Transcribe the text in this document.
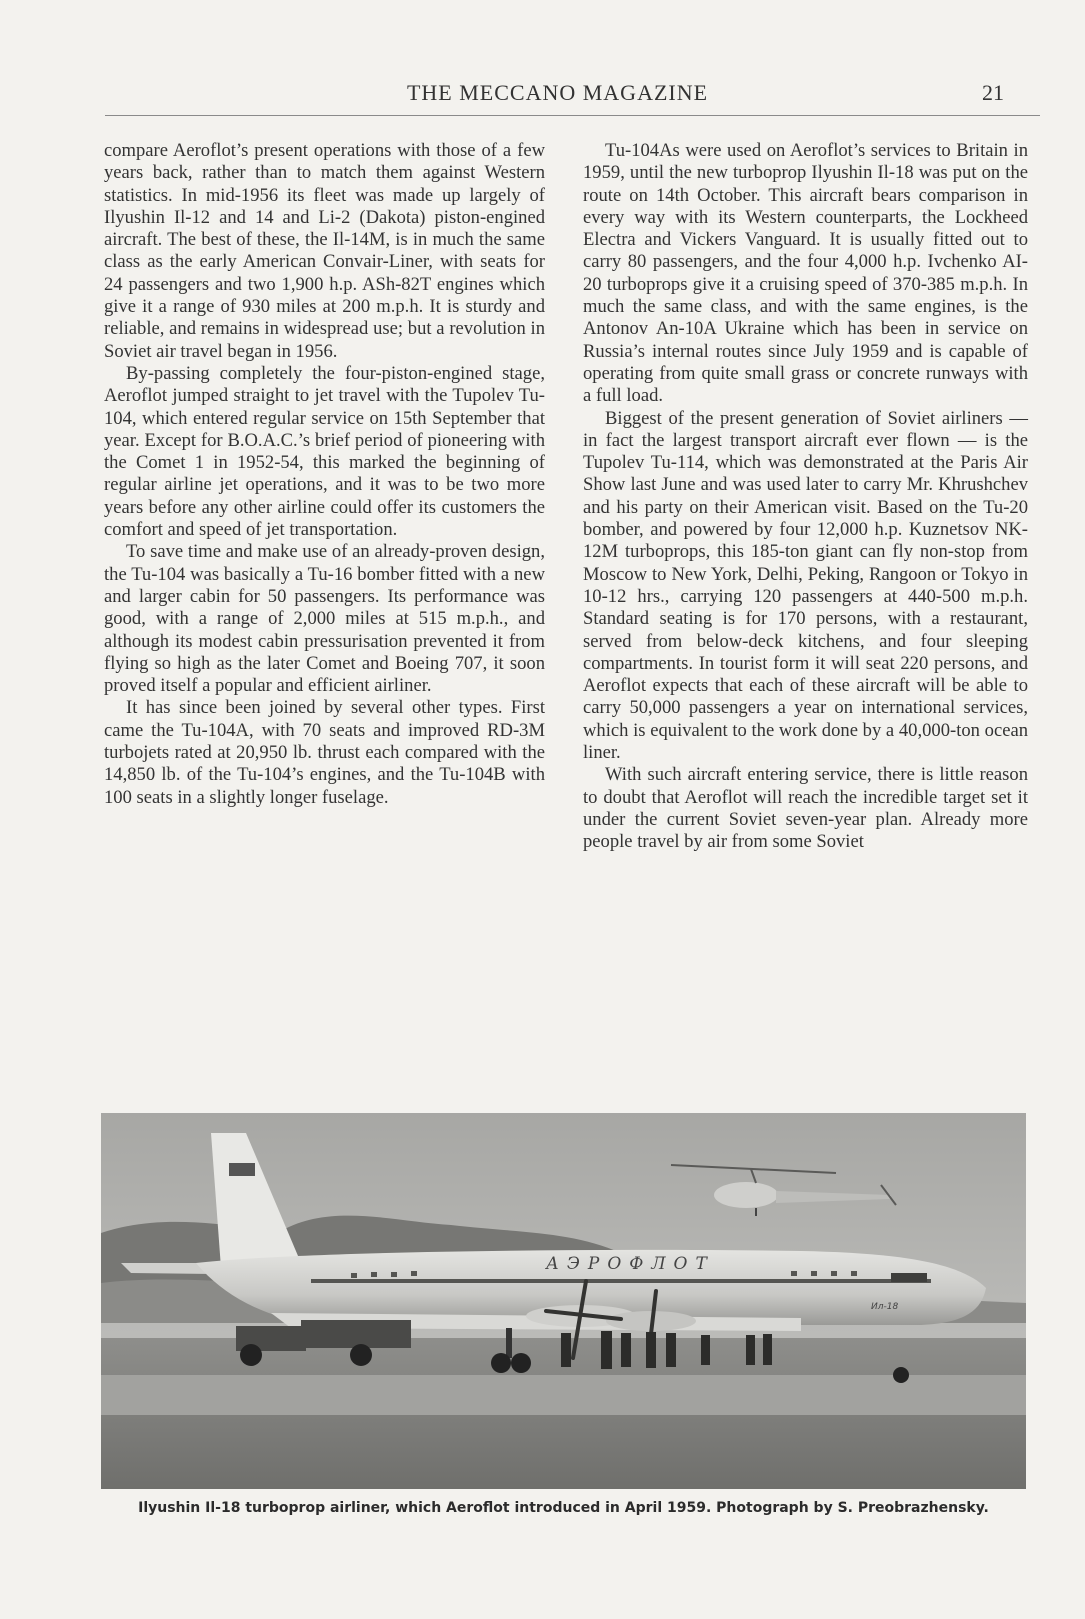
THE MECCANO MAGAZINE	21

compare Aeroflot’s present operations with those of a few years back, rather than to match them against Western statistics. In mid-1956 its fleet was made up largely of Ilyushin Il-12 and 14 and Li-2 (Dakota) piston-engined aircraft. The best of these, the Il-14M, is in much the same class as the early American Convair-Liner, with seats for 24 passengers and two 1,900 h.p. ASh-82T engines which give it a range of 930 miles at 200 m.p.h. It is sturdy and reliable, and remains in widespread use; but a revolution in Soviet air travel began in 1956.

By-passing completely the four-piston-engined stage, Aeroflot jumped straight to jet travel with the Tupolev Tu-104, which entered regular service on 15th September that year. Except for B.O.A.C.’s brief period of pioneering with the Comet 1 in 1952-54, this marked the beginning of regular airline jet operations, and it was to be two more years before any other airline could offer its customers the comfort and speed of jet transportation.

To save time and make use of an already-proven design, the Tu-104 was basically a Tu-16 bomber fitted with a new and larger cabin for 50 passengers. Its performance was good, with a range of 2,000 miles at 515 m.p.h., and although its modest cabin pressurisation prevented it from flying so high as the later Comet and Boeing 707, it soon proved itself a popular and efficient airliner.

It has since been joined by several other types. First came the Tu-104A, with 70 seats and improved RD-3M turbojets rated at 20,950 lb. thrust each compared with the 14,850 lb. of the Tu-104’s engines, and the Tu-104B with 100 seats in a slightly longer fuselage.

Tu-104As were used on Aeroflot’s services to Britain in 1959, until the new turboprop Ilyushin Il-18 was put on the route on 14th October. This aircraft bears comparison in every way with its Western counterparts, the Lockheed Electra and Vickers Vanguard. It is usually fitted out to carry 80 passengers, and the four 4,000 h.p. Ivchenko AI-20 turboprops give it a cruising speed of 370-385 m.p.h. In much the same class, and with the same engines, is the Antonov An-10A Ukraine which has been in service on Russia’s internal routes since July 1959 and is capable of operating from quite small grass or concrete runways with a full load.

Biggest of the present generation of Soviet airliners — in fact the largest transport aircraft ever flown — is the Tupolev Tu-114, which was demonstrated at the Paris Air Show last June and was used later to carry Mr. Khrushchev and his party on their American visit. Based on the Tu-20 bomber, and powered by four 12,000 h.p. Kuznetsov NK-12M turboprops, this 185-ton giant can fly non-stop from Moscow to New York, Delhi, Peking, Rangoon or Tokyo in 10-12 hrs., carrying 120 passengers at 440-500 m.p.h. Standard seating is for 170 persons, with a restaurant, served from below-deck kitchens, and four sleeping compartments. In tourist form it will seat 220 persons, and Aeroflot expects that each of these aircraft will be able to carry 50,000 passengers a year on international services, which is equivalent to the work done by a 40,000-ton ocean liner.

With such aircraft entering service, there is little reason to doubt that Aeroflot will reach the incredible target set it under the current Soviet seven-year plan. Already more people travel by air from some Soviet

АЭРОФЛОТ
Ил-18
Ilyushin Il-18 turboprop airliner, which Aeroflot introduced in April 1959. Photograph by S. Preobrazhensky.
